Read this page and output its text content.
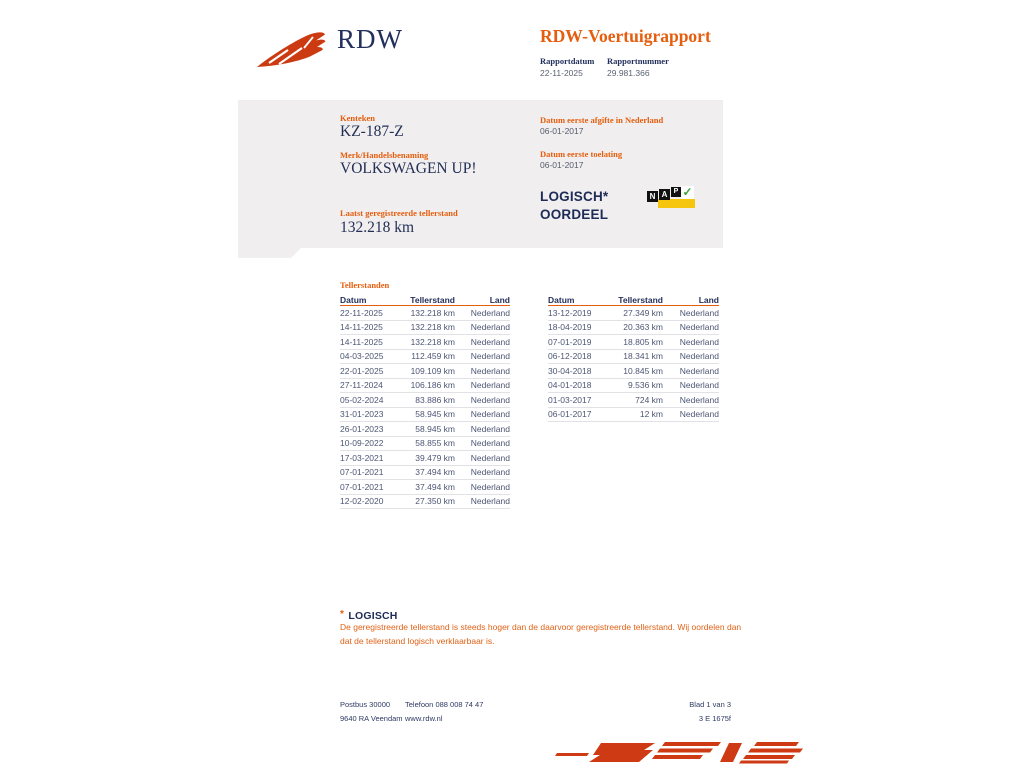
RDW	RDW-Voertuigrapport
Rapportdatum Rapportnummer
22-11-2025	29.981.366
Kenteken
KZ-187-Z
Merk/Handelsbenaming
VOLKSWAGEN UP!
Laatst geregistreerde tellerstand
132.218 km
Datum eerste afgifte in Nederland
06-01-2017
Datum eerste toelating
06-01-2017
LOGISCH*
OORDEEL
N A P ✓
Tellerstanden
Datum	Tellerstand	Land
22-11-2025	132.218 km	Nederland
14-11-2025	132.218 km	Nederland
14-11-2025	132.218 km	Nederland
04-03-2025	112.459 km	Nederland
22-01-2025	109.109 km	Nederland
27-11-2024	106.186 km	Nederland
05-02-2024	83.886 km	Nederland
31-01-2023	58.945 km	Nederland
26-01-2023	58.945 km	Nederland
10-09-2022	58.855 km	Nederland
17-03-2021	39.479 km	Nederland
07-01-2021	37.494 km	Nederland
07-01-2021	37.494 km	Nederland
12-02-2020	27.350 km	Nederland
Datum	Tellerstand	Land
13-12-2019	27.349 km	Nederland
18-04-2019	20.363 km	Nederland
07-01-2019	18.805 km	Nederland
06-12-2018	18.341 km	Nederland
30-04-2018	10.845 km	Nederland
04-01-2018	9.536 km	Nederland
01-03-2017	724 km	Nederland
06-01-2017	12 km	Nederland
* LOGISCH
De geregistreerde tellerstand is steeds hoger dan de daarvoor geregistreerde tellerstand. Wij oordelen dan dat de tellerstand logisch verklaarbaar is.
Postbus 30000
9640 RA Veendam
Telefoon 088 008 74 47
www.rdw.nl
Blad 1 van 3
3 E 1675f
